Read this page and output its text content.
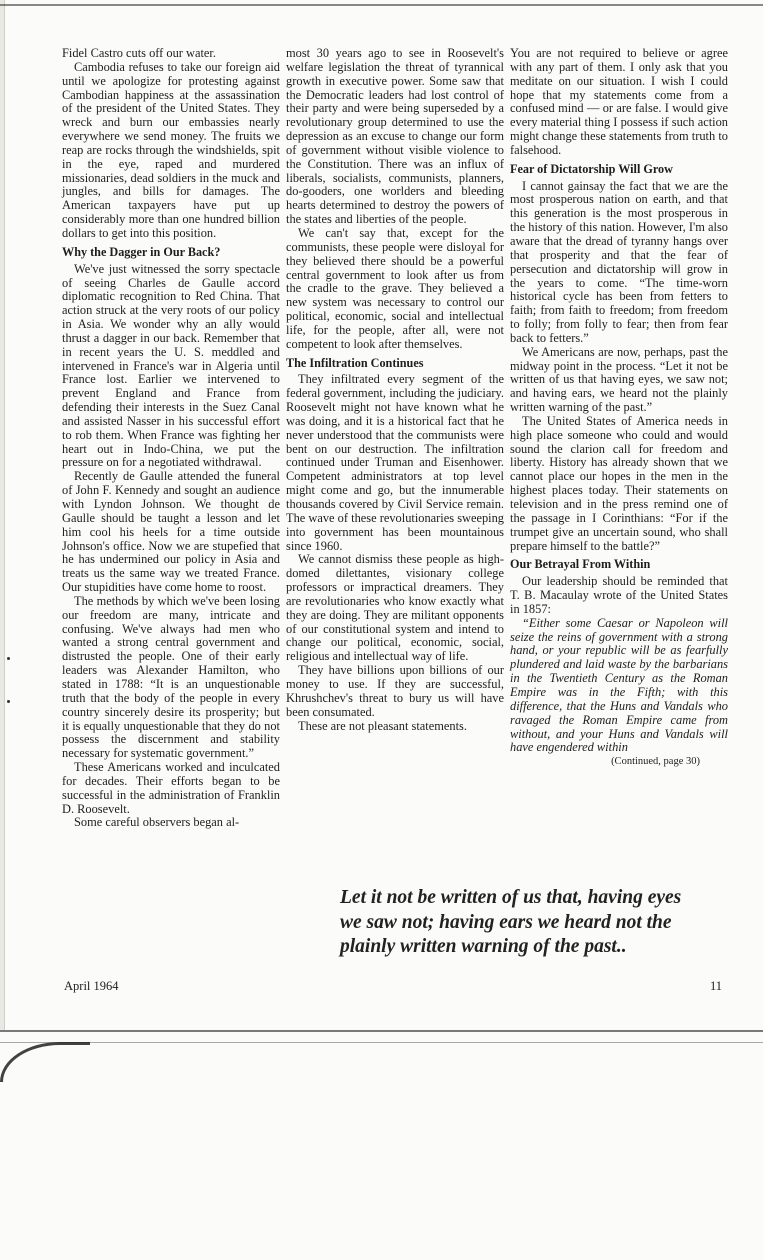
Fidel Castro cuts off our water.

Cambodia refuses to take our foreign aid until we apologize for protesting against Cambodian happiness at the assassination of the president of the United States. They wreck and burn our embassies nearly everywhere we send money. The fruits we reap are rocks through the windshields, spit in the eye, raped and murdered missionaries, dead soldiers in the muck and jungles, and bills for damages. The American taxpayers have put up considerably more than one hundred billion dollars to get into this position.

Why the Dagger in Our Back?

We've just witnessed the sorry spectacle of seeing Charles de Gaulle accord diplomatic recognition to Red China. That action struck at the very roots of our policy in Asia. We wonder why an ally would thrust a dagger in our back. Remember that in recent years the U. S. meddled and intervened in France's war in Algeria until France lost. Earlier we intervened to prevent England and France from defending their interests in the Suez Canal and assisted Nasser in his successful effort to rob them. When France was fighting her heart out in Indo-China, we put the pressure on for a negotiated withdrawal.

Recently de Gaulle attended the funeral of John F. Kennedy and sought an audience with Lyndon Johnson. We thought de Gaulle should be taught a lesson and let him cool his heels for a time outside Johnson's office. Now we are stupefied that he has undermined our policy in Asia and treats us the same way we treated France. Our stupidities have come home to roost.

The methods by which we've been losing our freedom are many, intricate and confusing. We've always had men who wanted a strong central government and distrusted the people. One of their early leaders was Alexander Hamilton, who stated in 1788: “It is an unquestionable truth that the body of the people in every country sincerely desire its prosperity; but it is equally unquestionable that they do not possess the discernment and stability necessary for systematic government.”

These Americans worked and inculcated for decades. Their efforts began to be successful in the administration of Franklin D. Roosevelt.

Some careful observers began al-

most 30 years ago to see in Roosevelt's welfare legislation the threat of tyrannical growth in executive power. Some saw that the Democratic leaders had lost control of their party and were being superseded by a revolutionary group determined to use the depression as an excuse to change our form of government without visible violence to the Constitution. There was an influx of liberals, socialists, communists, planners, do-gooders, one worlders and bleeding hearts determined to destroy the powers of the states and liberties of the people.

We can't say that, except for the communists, these people were disloyal for they believed there should be a powerful central government to look after us from the cradle to the grave. They believed a new system was necessary to control our political, economic, social and intellectual life, for the people, after all, were not competent to look after themselves.

The Infiltration Continues

They infiltrated every segment of the federal government, including the judiciary. Roosevelt might not have known what he was doing, and it is a historical fact that he never understood that the communists were bent on our destruction. The infiltration continued under Truman and Eisenhower. Competent administrators at top level might come and go, but the innumerable thousands covered by Civil Service remain. The wave of these revolutionaries sweeping into government has been mountainous since 1960.

We cannot dismiss these people as high-domed dilettantes, visionary college professors or impractical dreamers. They are revolutionaries who know exactly what they are doing. They are militant opponents of our constitutional system and intend to change our political, economic, social, religious and intellectual way of life.

They have billions upon billions of our money to use. If they are successful, Khrushchev's threat to bury us will have been consumated.

These are not pleasant statements.

You are not required to believe or agree with any part of them. I only ask that you meditate on our situation. I wish I could hope that my statements come from a confused mind — or are false. I would give every material thing I possess if such action might change these statements from truth to falsehood.

Fear of Dictatorship Will Grow

I cannot gainsay the fact that we are the most prosperous nation on earth, and that this generation is the most prosperous in the history of this nation. However, I'm also aware that the dread of tyranny hangs over that prosperity and that the fear of persecution and dictatorship will grow in the years to come. “The time-worn historical cycle has been from fetters to faith; from faith to freedom; from freedom to folly; from folly to fear; then from fear back to fetters.”

We Americans are now, perhaps, past the midway point in the process. “Let it not be written of us that having eyes, we saw not; and having ears, we heard not the plainly written warning of the past.”

The United States of America needs in high place someone who could and would sound the clarion call for freedom and liberty. History has already shown that we cannot place our hopes in the men in the highest places today. Their statements on television and in the press remind one of the passage in I Corinthians: “For if the trumpet give an uncertain sound, who shall prepare himself to the battle?”

Our Betrayal From Within

Our leadership should be reminded that T. B. Macaulay wrote of the United States in 1857:

“Either some Caesar or Napoleon will seize the reins of government with a strong hand, or your republic will be as fearfully plundered and laid waste by the barbarians in the Twentieth Century as the Roman Empire was in the Fifth; with this difference, that the Huns and Vandals who ravaged the Roman Empire came from without, and your Huns and Vandals will have engendered within

(Continued, page 30)
Let it not be written of us that, having eyes we saw not; having ears we heard not the plainly written warning of the past..
April 1964	11
